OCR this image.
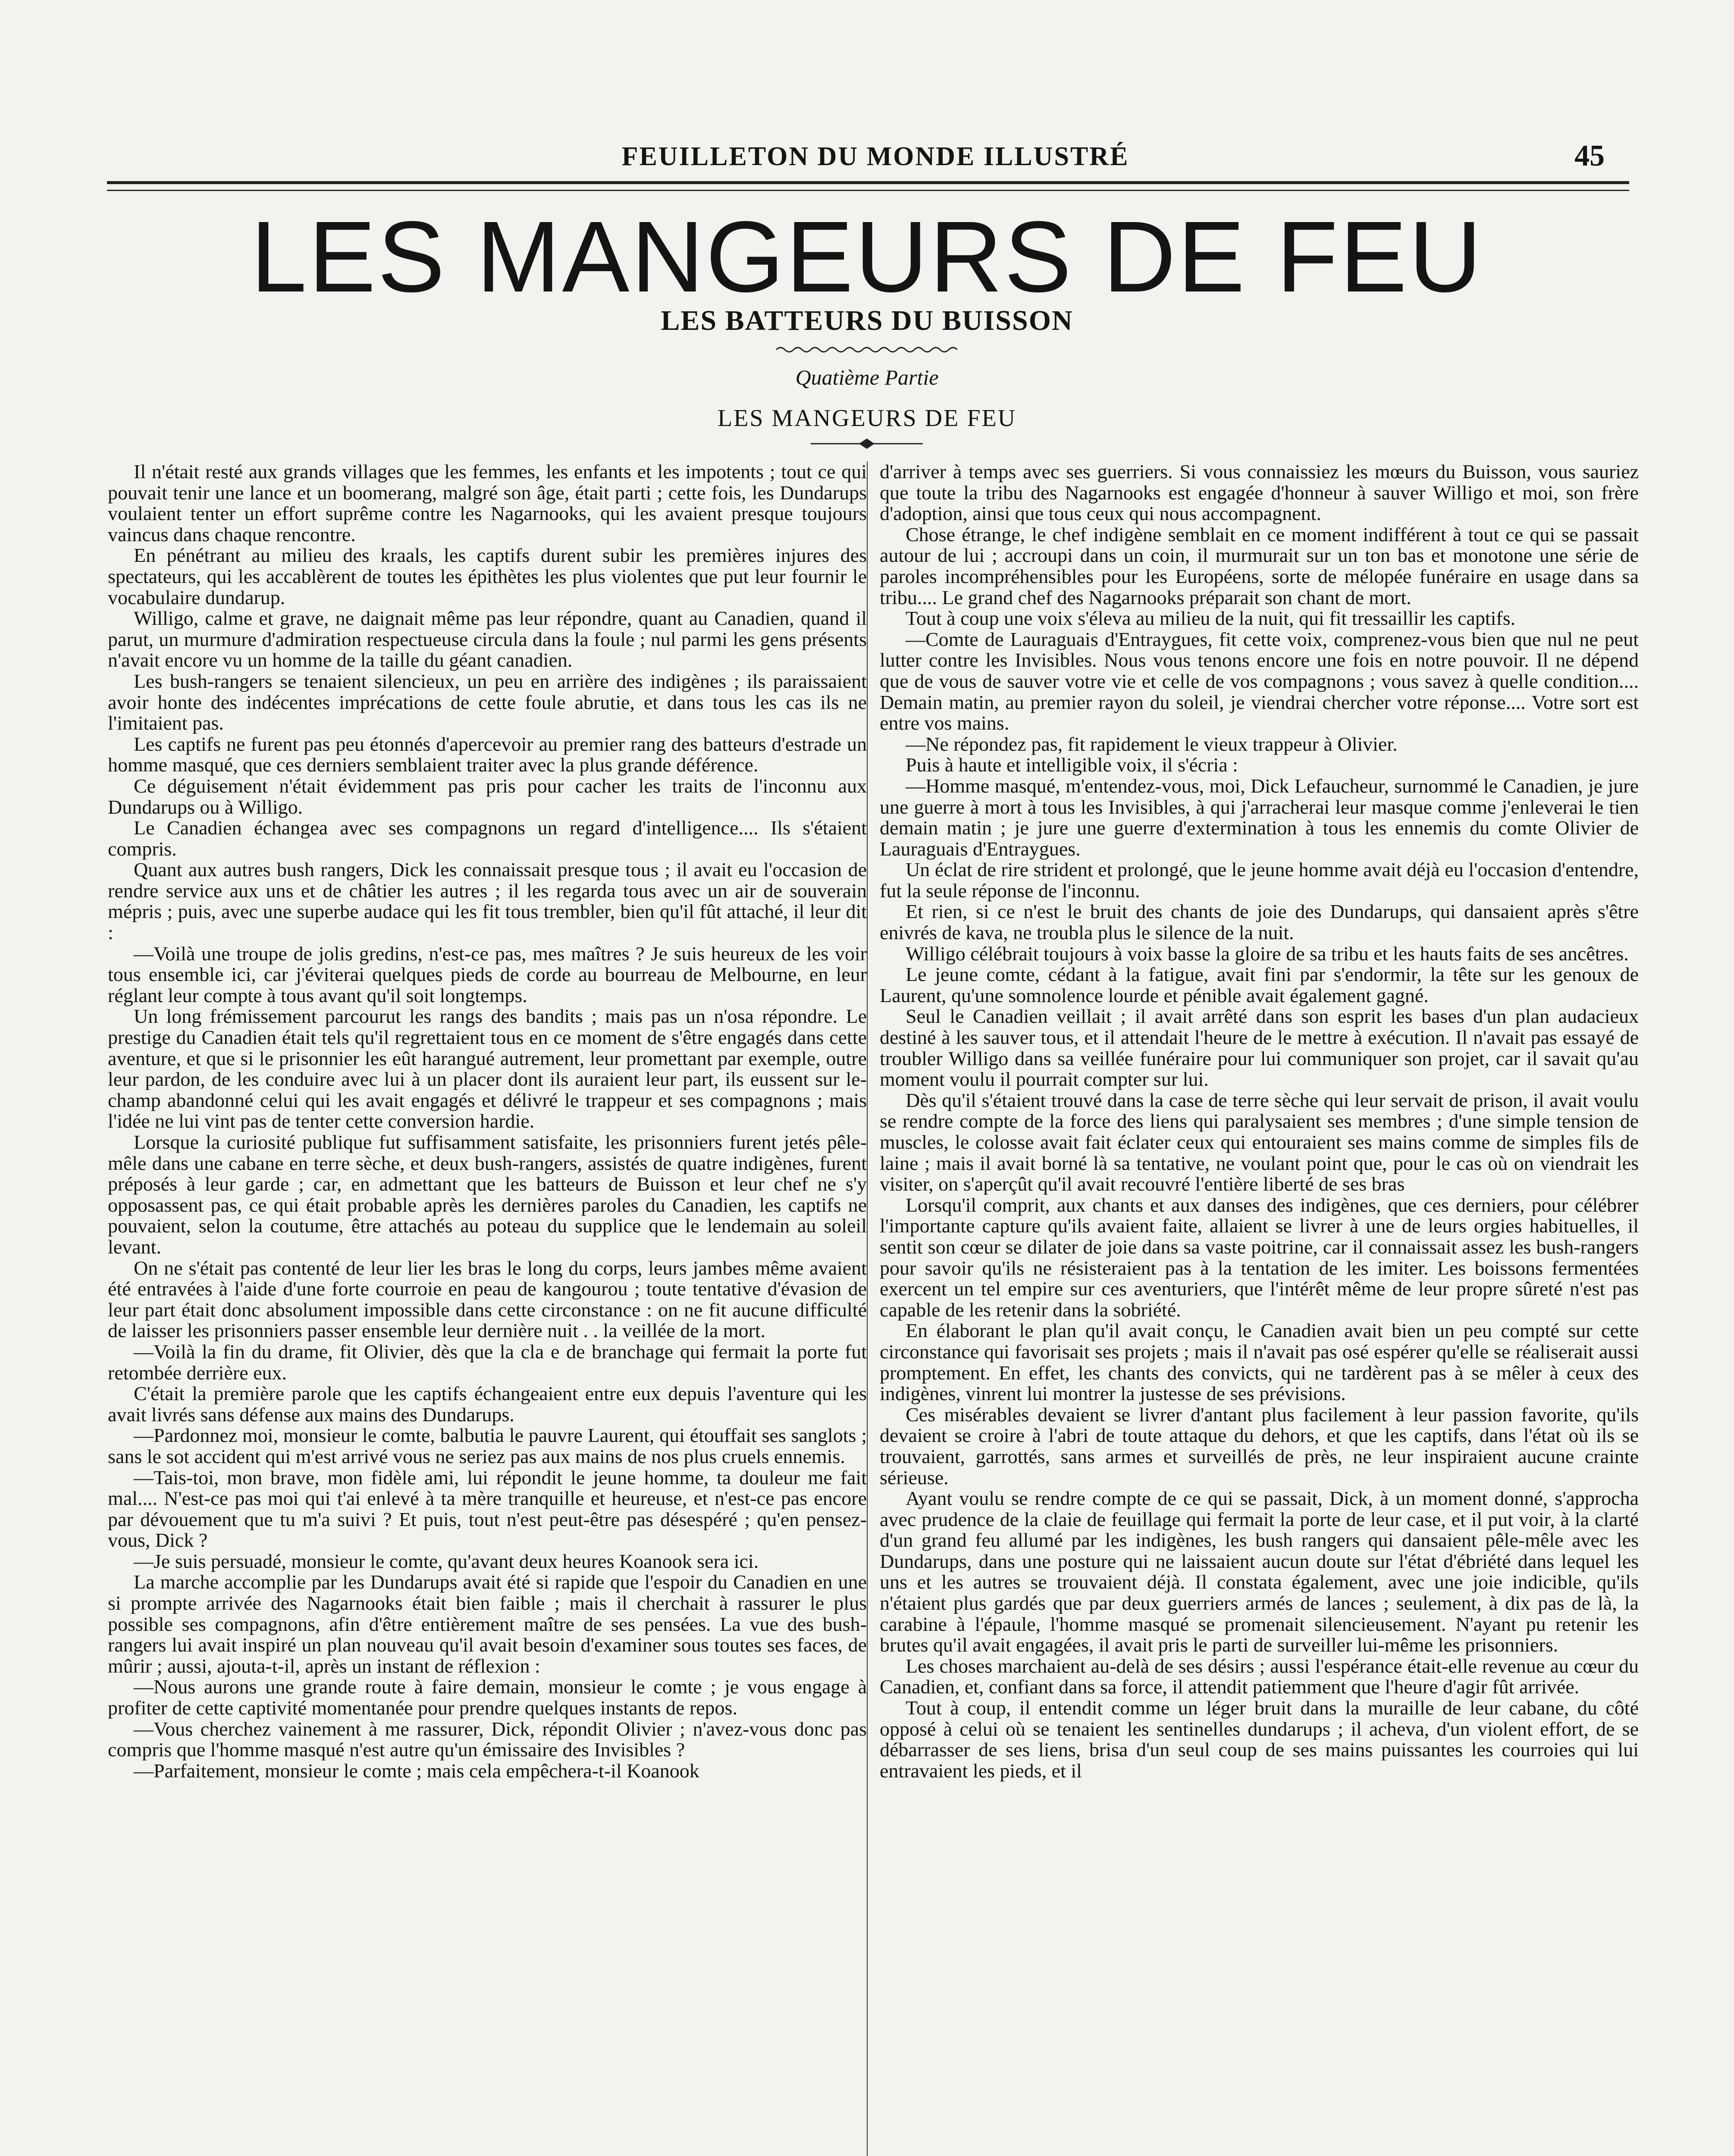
FEUILLETON DU MONDE ILLUSTRÉ	45
LES MANGEURS DE FEU
LES BATTEURS DU BUISSON
Quatième Partie
LES MANGEURS DE FEU

Il n'était resté aux grands villages que les femmes, les enfants et les impotents ; tout ce qui pouvait tenir une lance et un boomerang, malgré son âge, était parti ; cette fois, les Dundarups voulaient tenter un effort suprême contre les Nagarnooks, qui les avaient presque toujours vaincus dans chaque rencontre.

En pénétrant au milieu des kraals, les captifs durent subir les premières injures des spectateurs, qui les accablèrent de toutes les épithètes les plus violentes que put leur fournir le vocabulaire dundarup.

Willigo, calme et grave, ne daignait même pas leur répondre, quant au Canadien, quand il parut, un murmure d'admiration respectueuse circula dans la foule ; nul parmi les gens présents n'avait encore vu un homme de la taille du géant canadien.

Les bush-rangers se tenaient silencieux, un peu en arrière des indigènes ; ils paraissaient avoir honte des indécentes imprécations de cette foule abrutie, et dans tous les cas ils ne l'imitaient pas.

Les captifs ne furent pas peu étonnés d'apercevoir au premier rang des batteurs d'estrade un homme masqué, que ces derniers semblaient traiter avec la plus grande déférence.

Ce déguisement n'était évidemment pas pris pour cacher les traits de l'inconnu aux Dundarups ou à Willigo.

Le Canadien échangea avec ses compagnons un regard d'intelligence.... Ils s'étaient compris.

Quant aux autres bush rangers, Dick les connaissait presque tous ; il avait eu l'occasion de rendre service aux uns et de châtier les autres ; il les regarda tous avec un air de souverain mépris ; puis, avec une superbe audace qui les fit tous trembler, bien qu'il fût attaché, il leur dit :

—Voilà une troupe de jolis gredins, n'est-ce pas, mes maîtres ? Je suis heureux de les voir tous ensemble ici, car j'éviterai quelques pieds de corde au bourreau de Melbourne, en leur réglant leur compte à tous avant qu'il soit longtemps.

Un long frémissement parcourut les rangs des bandits ; mais pas un n'osa répondre. Le prestige du Canadien était tels qu'il regrettaient tous en ce moment de s'être engagés dans cette aventure, et que si le prisonnier les eût harangué autrement, leur promettant par exemple, outre leur pardon, de les conduire avec lui à un placer dont ils auraient leur part, ils eussent sur le-champ abandonné celui qui les avait engagés et délivré le trappeur et ses compagnons ; mais l'idée ne lui vint pas de tenter cette conversion hardie.

Lorsque la curiosité publique fut suffisamment satisfaite, les prisonniers furent jetés pêle-mêle dans une cabane en terre sèche, et deux bush-rangers, assistés de quatre indigènes, furent préposés à leur garde ; car, en admettant que les batteurs de Buisson et leur chef ne s'y opposassent pas, ce qui était probable après les dernières paroles du Canadien, les captifs ne pouvaient, selon la coutume, être attachés au poteau du supplice que le lendemain au soleil levant.

On ne s'était pas contenté de leur lier les bras le long du corps, leurs jambes même avaient été entravées à l'aide d'une forte courroie en peau de kangourou ; toute tentative d'évasion de leur part était donc absolument impossible dans cette circonstance : on ne fit aucune difficulté de laisser les prisonniers passer ensemble leur dernière nuit . . la veillée de la mort.

—Voilà la fin du drame, fit Olivier, dès que la cla e de branchage qui fermait la porte fut retombée derrière eux.

C'était la première parole que les captifs échangeaient entre eux depuis l'aventure qui les avait livrés sans défense aux mains des Dundarups.

—Pardonnez moi, monsieur le comte, balbutia le pauvre Laurent, qui étouffait ses sanglots ; sans le sot accident qui m'est arrivé vous ne seriez pas aux mains de nos plus cruels ennemis.

—Tais-toi, mon brave, mon fidèle ami, lui répondit le jeune homme, ta douleur me fait mal.... N'est-ce pas moi qui t'ai enlevé à ta mère tranquille et heureuse, et n'est-ce pas encore par dévouement que tu m'a suivi ? Et puis, tout n'est peut-être pas désespéré ; qu'en pensez-vous, Dick ?

—Je suis persuadé, monsieur le comte, qu'avant deux heures Koanook sera ici.

La marche accomplie par les Dundarups avait été si rapide que l'espoir du Canadien en une si prompte arrivée des Nagarnooks était bien faible ; mais il cherchait à rassurer le plus possible ses compagnons, afin d'être entièrement maître de ses pensées. La vue des bush-rangers lui avait inspiré un plan nouveau qu'il avait besoin d'examiner sous toutes ses faces, de mûrir ; aussi, ajouta-t-il, après un instant de réflexion :

—Nous aurons une grande route à faire demain, monsieur le comte ; je vous engage à profiter de cette captivité momentanée pour prendre quelques instants de repos.

—Vous cherchez vainement à me rassurer, Dick, répondit Olivier ; n'avez-vous donc pas compris que l'homme masqué n'est autre qu'un émissaire des Invisibles ?

—Parfaitement, monsieur le comte ; mais cela empêchera-t-il Koanook

d'arriver à temps avec ses guerriers. Si vous connaissiez les mœurs du Buisson, vous sauriez que toute la tribu des Nagarnooks est engagée d'honneur à sauver Willigo et moi, son frère d'adoption, ainsi que tous ceux qui nous accompagnent.

Chose étrange, le chef indigène semblait en ce moment indifférent à tout ce qui se passait autour de lui ; accroupi dans un coin, il murmurait sur un ton bas et monotone une série de paroles incompréhensibles pour les Européens, sorte de mélopée funéraire en usage dans sa tribu.... Le grand chef des Nagarnooks préparait son chant de mort.

Tout à coup une voix s'éleva au milieu de la nuit, qui fit tressaillir les captifs.

—Comte de Lauraguais d'Entraygues, fit cette voix, comprenez-vous bien que nul ne peut lutter contre les Invisibles. Nous vous tenons encore une fois en notre pouvoir. Il ne dépend que de vous de sauver votre vie et celle de vos compagnons ; vous savez à quelle condition.... Demain matin, au premier rayon du soleil, je viendrai chercher votre réponse.... Votre sort est entre vos mains.

—Ne répondez pas, fit rapidement le vieux trappeur à Olivier.

Puis à haute et intelligible voix, il s'écria :

—Homme masqué, m'entendez-vous, moi, Dick Lefaucheur, surnommé le Canadien, je jure une guerre à mort à tous les Invisibles, à qui j'arracherai leur masque comme j'enleverai le tien demain matin ; je jure une guerre d'extermination à tous les ennemis du comte Olivier de Lauraguais d'Entraygues.

Un éclat de rire strident et prolongé, que le jeune homme avait déjà eu l'occasion d'entendre, fut la seule réponse de l'inconnu.

Et rien, si ce n'est le bruit des chants de joie des Dundarups, qui dansaient après s'être enivrés de kava, ne troubla plus le silence de la nuit.

Willigo célébrait toujours à voix basse la gloire de sa tribu et les hauts faits de ses ancêtres.

Le jeune comte, cédant à la fatigue, avait fini par s'endormir, la tête sur les genoux de Laurent, qu'une somnolence lourde et pénible avait également gagné.

Seul le Canadien veillait ; il avait arrêté dans son esprit les bases d'un plan audacieux destiné à les sauver tous, et il attendait l'heure de le mettre à exécution. Il n'avait pas essayé de troubler Willigo dans sa veillée funéraire pour lui communiquer son projet, car il savait qu'au moment voulu il pourrait compter sur lui.

Dès qu'il s'étaient trouvé dans la case de terre sèche qui leur servait de prison, il avait voulu se rendre compte de la force des liens qui paralysaient ses membres ; d'une simple tension de muscles, le colosse avait fait éclater ceux qui entouraient ses mains comme de simples fils de laine ; mais il avait borné là sa tentative, ne voulant point que, pour le cas où on viendrait les visiter, on s'aperçût qu'il avait recouvré l'entière liberté de ses bras

Lorsqu'il comprit, aux chants et aux danses des indigènes, que ces derniers, pour célébrer l'importante capture qu'ils avaient faite, allaient se livrer à une de leurs orgies habituelles, il sentit son cœur se dilater de joie dans sa vaste poitrine, car il connaissait assez les bush-rangers pour savoir qu'ils ne résisteraient pas à la tentation de les imiter. Les boissons fermentées exercent un tel empire sur ces aventuriers, que l'intérêt même de leur propre sûreté n'est pas capable de les retenir dans la sobriété.

En élaborant le plan qu'il avait conçu, le Canadien avait bien un peu compté sur cette circonstance qui favorisait ses projets ; mais il n'avait pas osé espérer qu'elle se réaliserait aussi promptement. En effet, les chants des convicts, qui ne tardèrent pas à se mêler à ceux des indigènes, vinrent lui montrer la justesse de ses prévisions.

Ces misérables devaient se livrer d'antant plus facilement à leur passion favorite, qu'ils devaient se croire à l'abri de toute attaque du dehors, et que les captifs, dans l'état où ils se trouvaient, garrottés, sans armes et surveillés de près, ne leur inspiraient aucune crainte sérieuse.

Ayant voulu se rendre compte de ce qui se passait, Dick, à un moment donné, s'approcha avec prudence de la claie de feuillage qui fermait la porte de leur case, et il put voir, à la clarté d'un grand feu allumé par les indigènes, les bush rangers qui dansaient pêle-mêle avec les Dundarups, dans une posture qui ne laissaient aucun doute sur l'état d'ébriété dans lequel les uns et les autres se trouvaient déjà. Il constata également, avec une joie indicible, qu'ils n'étaient plus gardés que par deux guerriers armés de lances ; seulement, à dix pas de là, la carabine à l'épaule, l'homme masqué se promenait silencieusement. N'ayant pu retenir les brutes qu'il avait engagées, il avait pris le parti de surveiller lui-même les prisonniers.

Les choses marchaient au-delà de ses désirs ; aussi l'espérance était-elle revenue au cœur du Canadien, et, confiant dans sa force, il attendit patiemment que l'heure d'agir fût arrivée.

Tout à coup, il entendit comme un léger bruit dans la muraille de leur cabane, du côté opposé à celui où se tenaient les sentinelles dundarups ; il acheva, d'un violent effort, de se débarrasser de ses liens, brisa d'un seul coup de ses mains puissantes les courroies qui lui entravaient les pieds, et il
